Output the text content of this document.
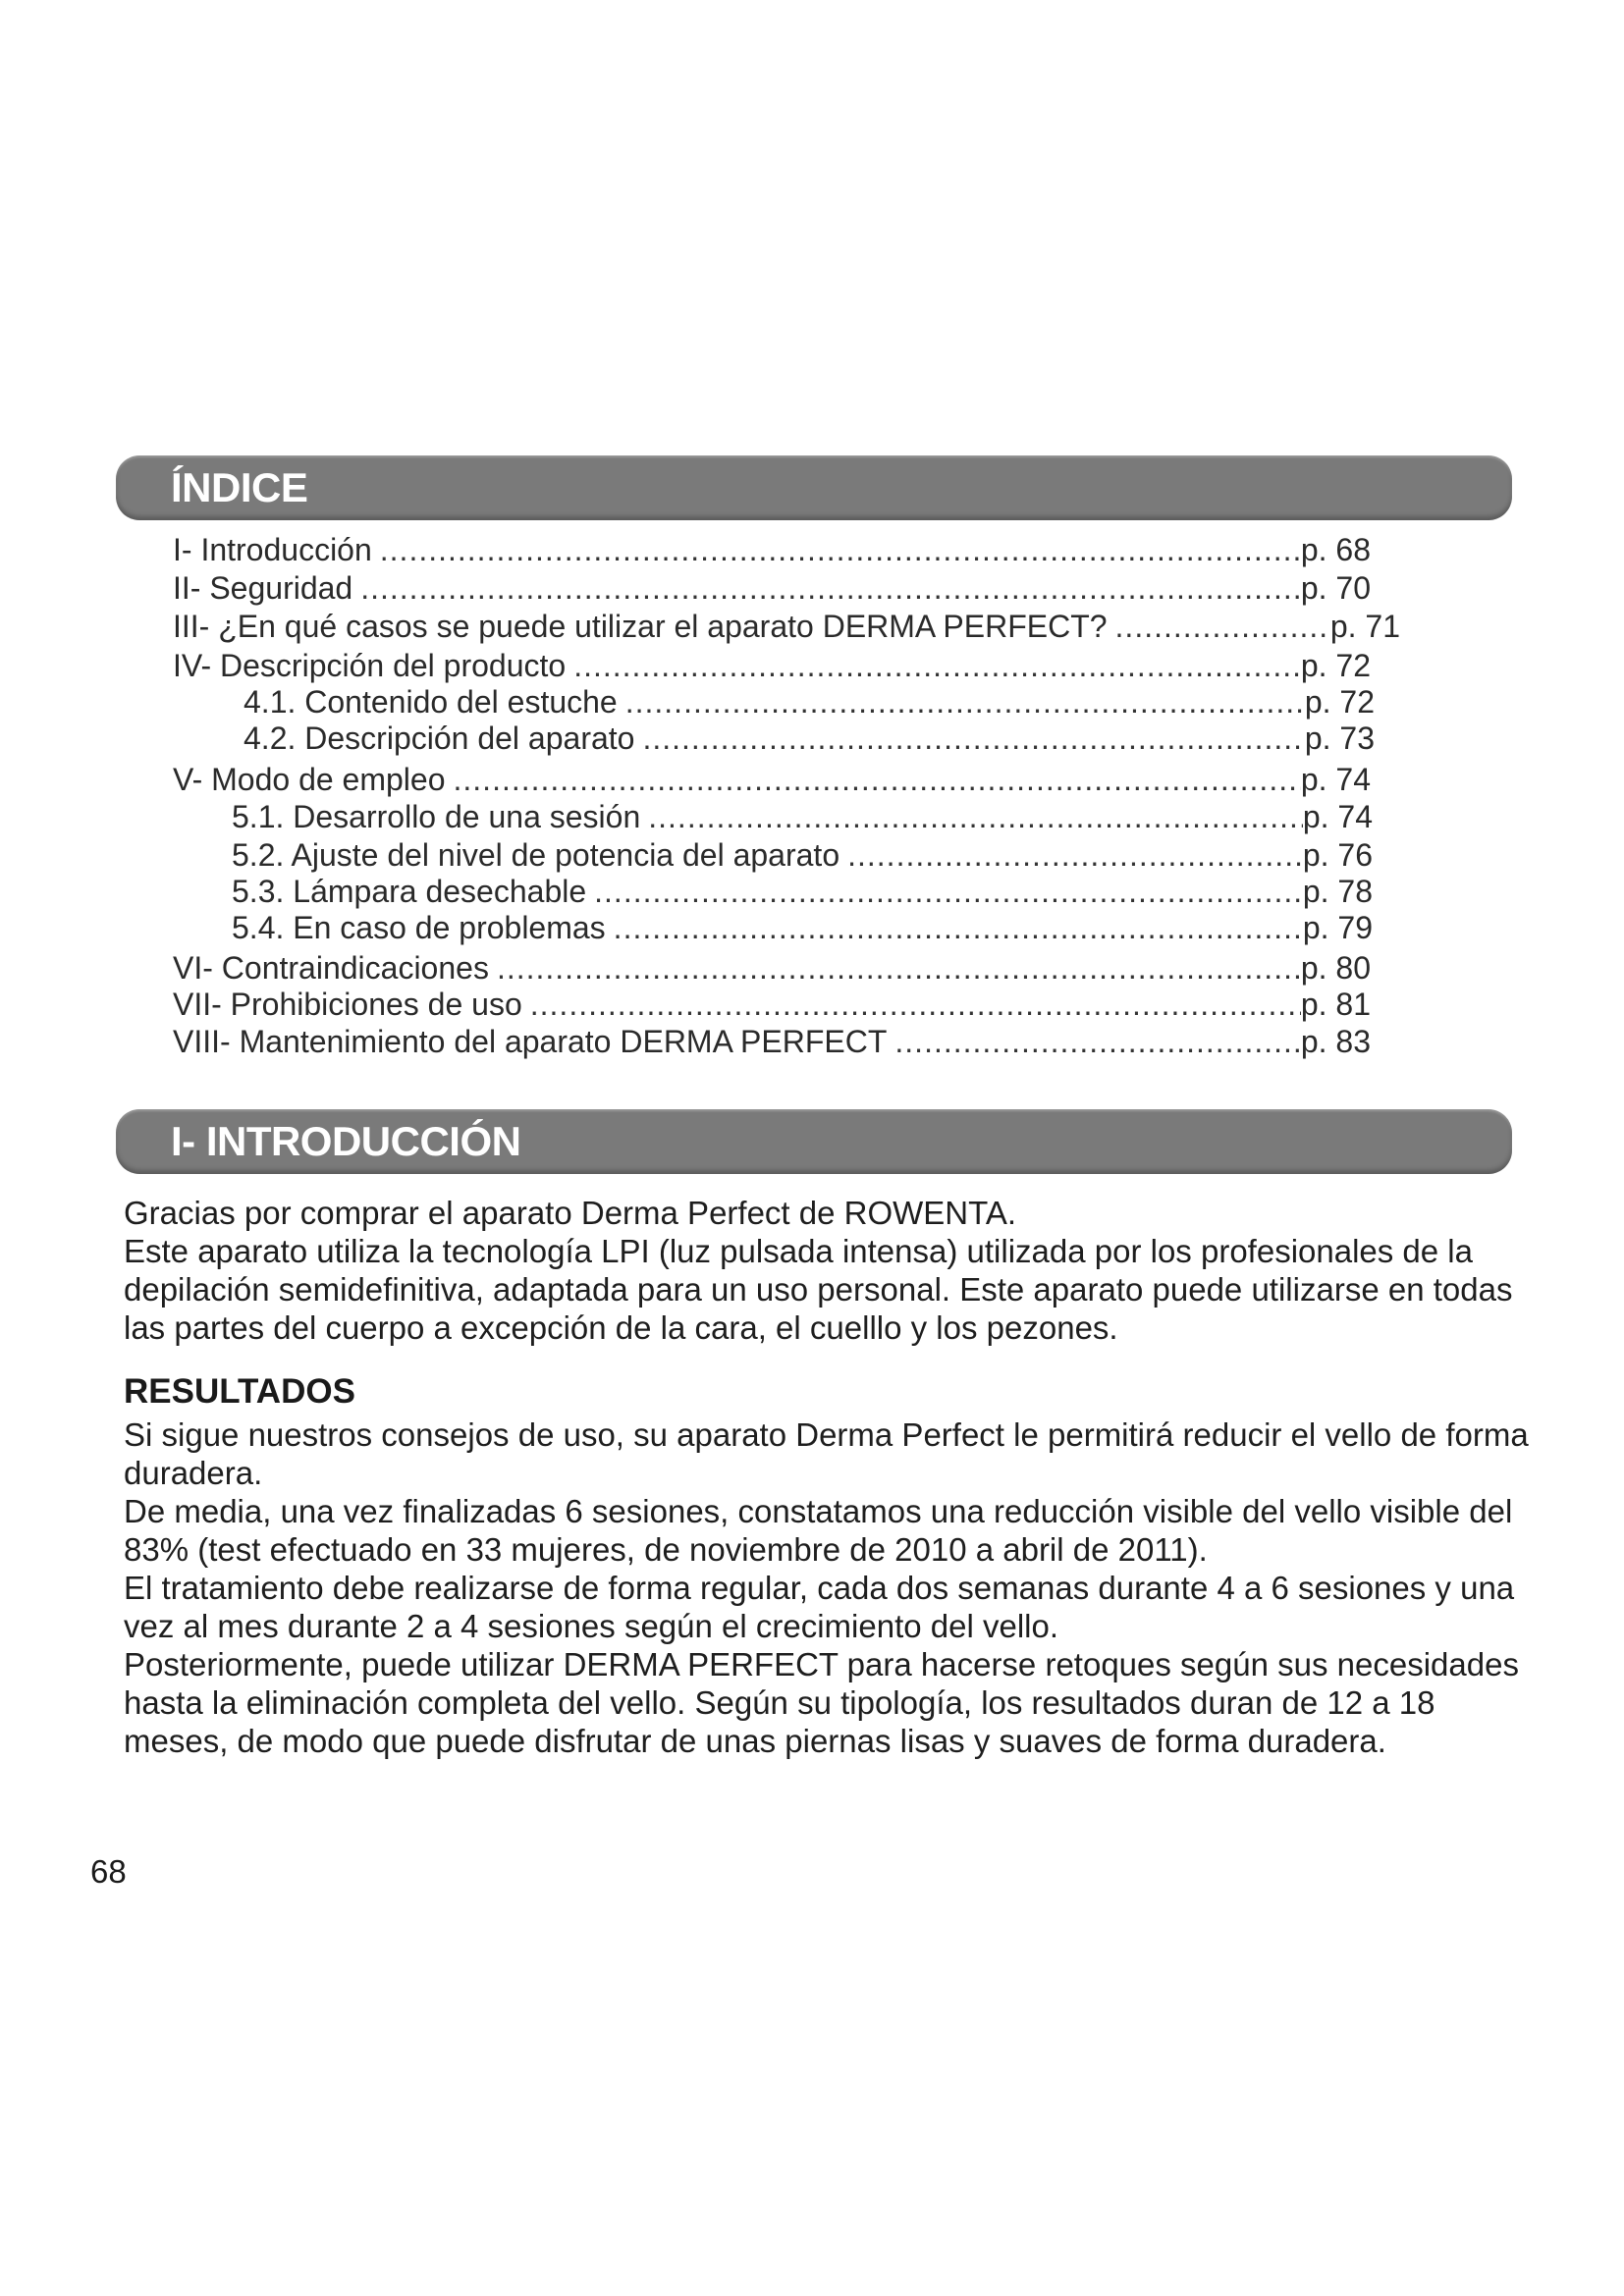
ÍNDICE
I- Introducción .....	p. 68
II- Seguridad .....	p. 70
III- ¿En qué casos se puede utilizar el aparato DERMA PERFECT? .....	p. 71
IV- Descripción del producto .....	p. 72
4.1. Contenido del estuche .....	p. 72
4.2. Descripción del aparato .....	p. 73
V- Modo de empleo .....	p. 74
5.1. Desarrollo de una sesión .....	p. 74
5.2. Ajuste del nivel de potencia del aparato .....	p. 76
5.3. Lámpara desechable .....	p. 78
5.4. En caso de problemas .....	p. 79
VI- Contraindicaciones .....	p. 80
VII- Prohibiciones de uso .....	p. 81
VIII- Mantenimiento del aparato DERMA PERFECT .....	p. 83
I- INTRODUCCIÓN

Gracias por comprar el aparato Derma Perfect de ROWENTA.
Este aparato utiliza la tecnología LPI (luz pulsada intensa) utilizada por los profesionales de la
depilación semidefinitiva, adaptada para un uso personal. Este aparato puede utilizarse en todas
las partes del cuerpo a excepción de la cara, el cuelllo y los pezones.

RESULTADOS

Si sigue nuestros consejos de uso, su aparato Derma Perfect le permitirá reducir el vello de forma
duradera.
De media, una vez finalizadas 6 sesiones, constatamos una reducción visible del vello visible del
83% (test efectuado en 33 mujeres, de noviembre de 2010 a abril de 2011).
El tratamiento debe realizarse de forma regular, cada dos semanas durante 4 a 6 sesiones y una
vez al mes durante 2 a 4 sesiones según el crecimiento del vello.
Posteriormente, puede utilizar DERMA PERFECT para hacerse retoques según sus necesidades
hasta la eliminación completa del vello. Según su tipología, los resultados duran de 12 a 18
meses, de modo que puede disfrutar de unas piernas lisas y suaves de forma duradera.

68
